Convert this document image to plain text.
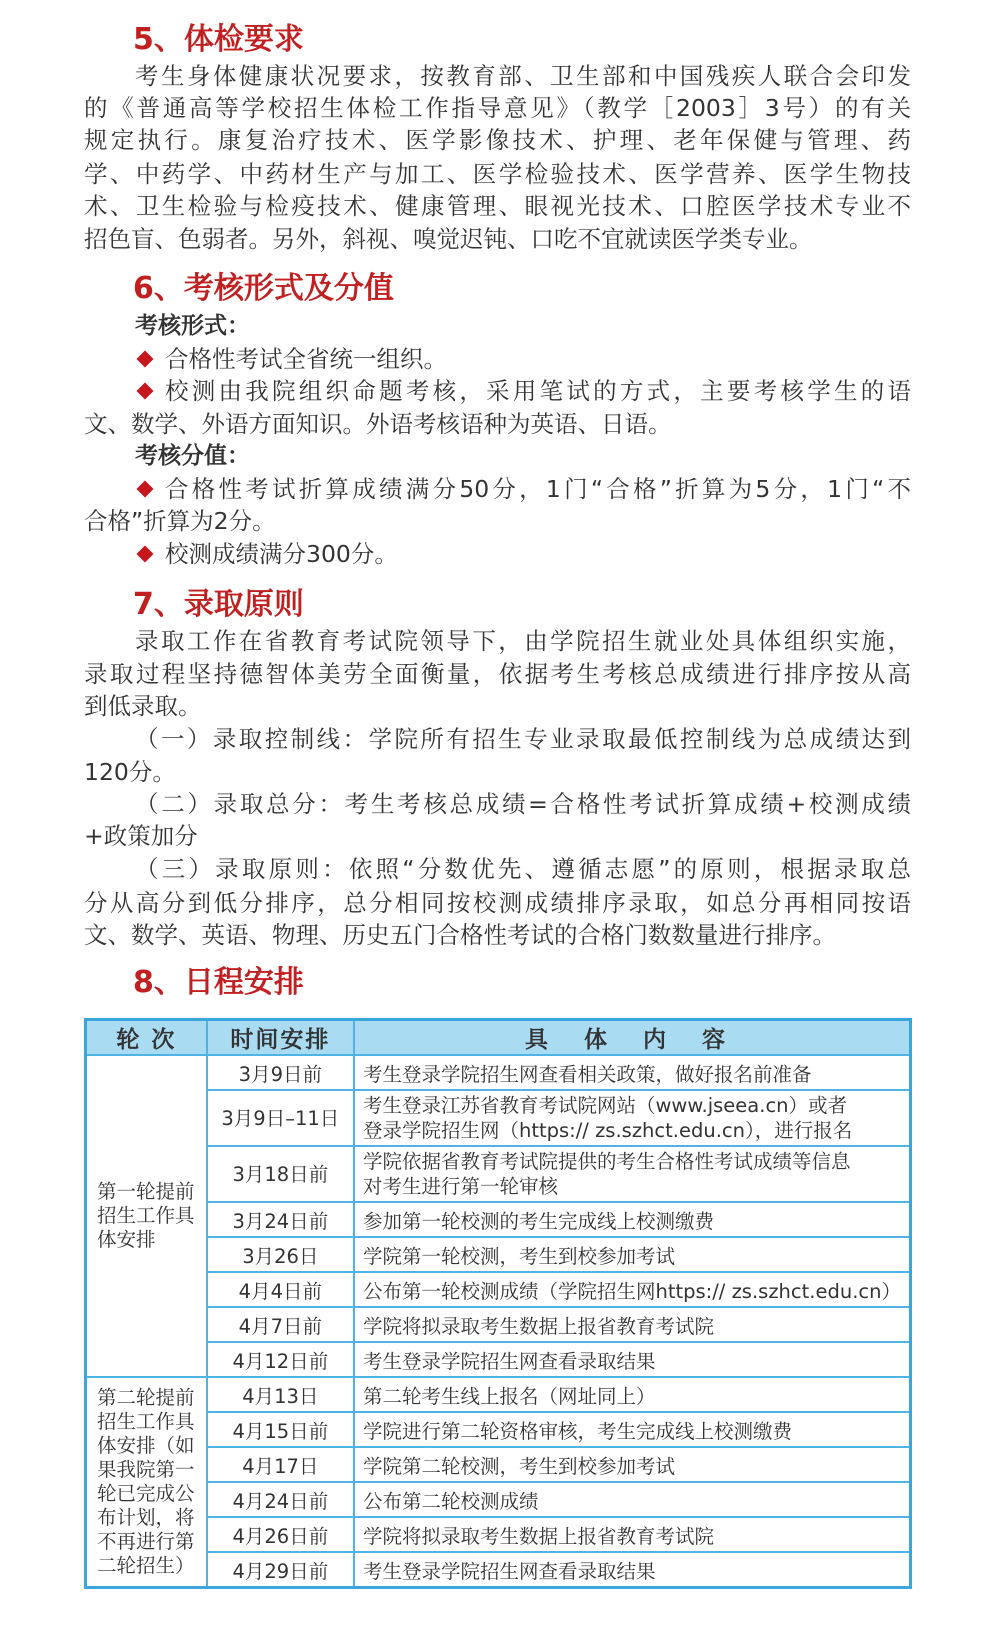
5、体检要求
考生身体健康状况要求，按教育部、卫生部和中国残疾人联合会印发
的《普通高等学校招生体检工作指导意见》（教学［2003］3号）的有关
规定执行。康复治疗技术、医学影像技术、护理、老年保健与管理、药
学、中药学、中药材生产与加工、医学检验技术、医学营养、医学生物技
术、卫生检验与检疫技术、健康管理、眼视光技术、口腔医学技术专业不
招色盲、色弱者。另外，斜视、嗅觉迟钝、口吃不宜就读医学类专业。
6、考核形式及分值
考核形式：
合格性考试全省统一组织。
校测由我院组织命题考核，采用笔试的方式，主要考核学生的语
文、数学、外语方面知识。外语考核语种为英语、日语。
考核分值：
合格性考试折算成绩满分50分，1门“合格”折算为5分，1门“不
合格”折算为2分。
校测成绩满分300分。
7、录取原则
录取工作在省教育考试院领导下，由学院招生就业处具体组织实施，
录取过程坚持德智体美劳全面衡量，依据考生考核总成绩进行排序按从高
到低录取。
（一）录取控制线：学院所有招生专业录取最低控制线为总成绩达到
120分。
（二）录取总分：考生考核总成绩=合格性考试折算成绩+校测成绩
+政策加分
（三）录取原则：依照“分数优先、遵循志愿”的原则，根据录取总
分从高分到低分排序，总分相同按校测成绩排序录取，如总分再相同按语
文、数学、英语、物理、历史五门合格性考试的合格门数数量进行排序。
8、日程安排
轮 次	时间安排	具 体 内 容
第一轮提前招生工作具体安排	3月9日前	考生登录学院招生网查看相关政策，做好报名前准备
	3月9日–11日	考生登录江苏省教育考试院网站（www.jseea.cn）或者
登录学院招生网（https:// zs.szhct.edu.cn），进行报名

	3月18日前	学院依据省教育考试院提供的考生合格性考试成绩等信息
对考生进行第一轮审核

	3月24日前	参加第一轮校测的考生完成线上校测缴费
	3月26日	学院第一轮校测，考生到校参加考试
	4月4日前	公布第一轮校测成绩（学院招生网https:// zs.szhct.edu.cn）
	4月7日前	学院将拟录取考生数据上报省教育考试院
	4月12日前	考生登录学院招生网查看录取结果
第二轮提前招生工作具体安排（如果我院第一轮已完成公布计划，将不再进行第二轮招生）	4月13日	第二轮考生线上报名（网址同上）
	4月15日前	学院进行第二轮资格审核，考生完成线上校测缴费
	4月17日	学院第二轮校测，考生到校参加考试
	4月24日前	公布第二轮校测成绩
	4月26日前	学院将拟录取考生数据上报省教育考试院
	4月29日前	考生登录学院招生网查看录取结果
